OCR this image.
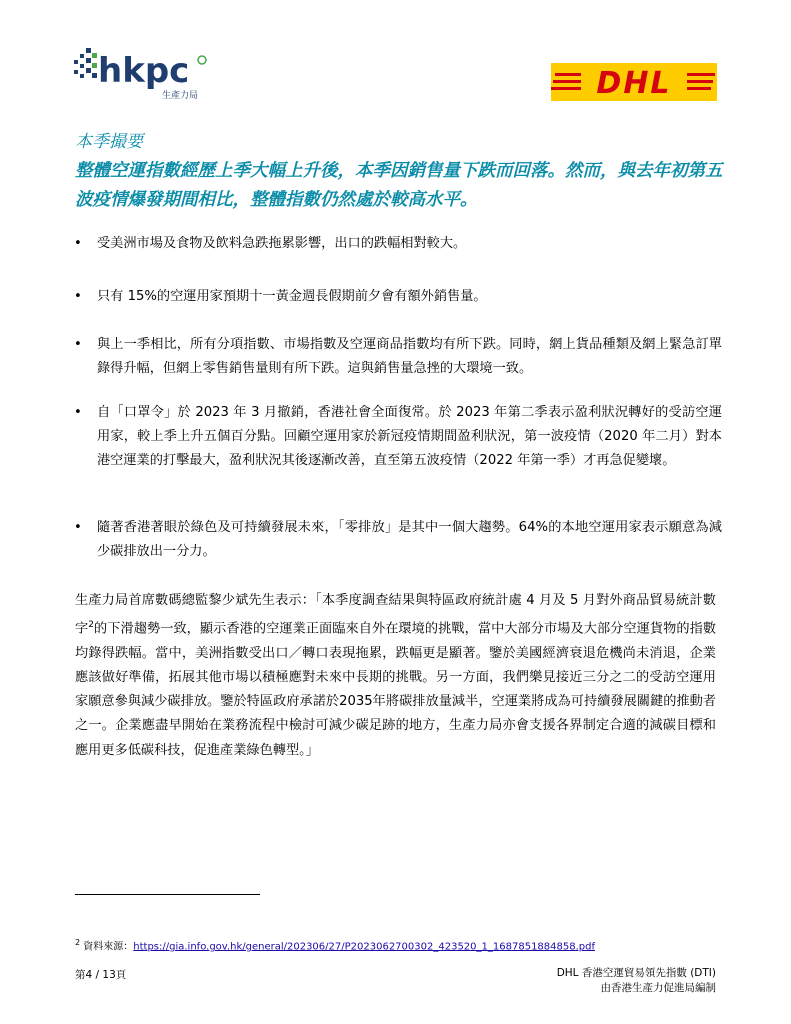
hkpc
生產力局	DHL
本季撮要

整體空運指數經歷上季大幅上升後，本季因銷售量下跌而回落。然而，與去年初第五波疫情爆發期間相比，整體指數仍然處於較高水平。

•	受美洲市場及食物及飲料急跌拖累影響，出口的跌幅相對較大。
•	只有 15%的空運用家預期十一黃金週長假期前夕會有額外銷售量。
•	與上一季相比，所有分項指數、市場指數及空運商品指數均有所下跌。同時，網上貨品種類及網上緊急訂單錄得升幅，但網上零售銷售量則有所下跌。這與銷售量急挫的大環境一致。
•	自「口罩令」於 2023 年 3 月撤銷，香港社會全面復常。於 2023 年第二季表示盈利狀況轉好的受訪空運用家，較上季上升五個百分點。回顧空運用家於新冠疫情期間盈利狀況，第一波疫情（2020 年二月）對本港空運業的打擊最大，盈利狀況其後逐漸改善，直至第五波疫情（2022 年第一季）才再急促變壞。
•	隨著香港著眼於綠色及可持續發展未來，「零排放」是其中一個大趨勢。64%的本地空運用家表示願意為減少碳排放出一分力。

生產力局首席數碼總監黎少斌先生表示：「本季度調查結果與特區政府統計處 4 月及 5 月對外商品貿易統計數字$^2$的下滑趨勢一致，顯示香港的空運業正面臨來自外在環境的挑戰，當中大部分市場及大部分空運貨物的指數均錄得跌幅。當中，美洲指數受出口／轉口表現拖累，跌幅更是顯著。鑒於美國經濟衰退危機尚未消退，企業應該做好準備，拓展其他市場以積極應對未來中長期的挑戰。另一方面，我們樂見接近三分之二的受訪空運用家願意參與減少碳排放。鑒於特區政府承諾於2035年將碳排放量減半，空運業將成為可持續發展關鍵的推動者之一。企業應盡早開始在業務流程中檢討可減少碳足跡的地方，生產力局亦會支援各界制定合適的減碳目標和應用更多低碳科技，促進產業綠色轉型。」

$^2$ 資料來源：https://gia.info.gov.hk/general/202306/27/P2023062700302_423520_1_1687851884858.pdf
第4 / 13頁	DHL 香港空運貿易領先指數 (DTI)
由香港生產力促進局編制
